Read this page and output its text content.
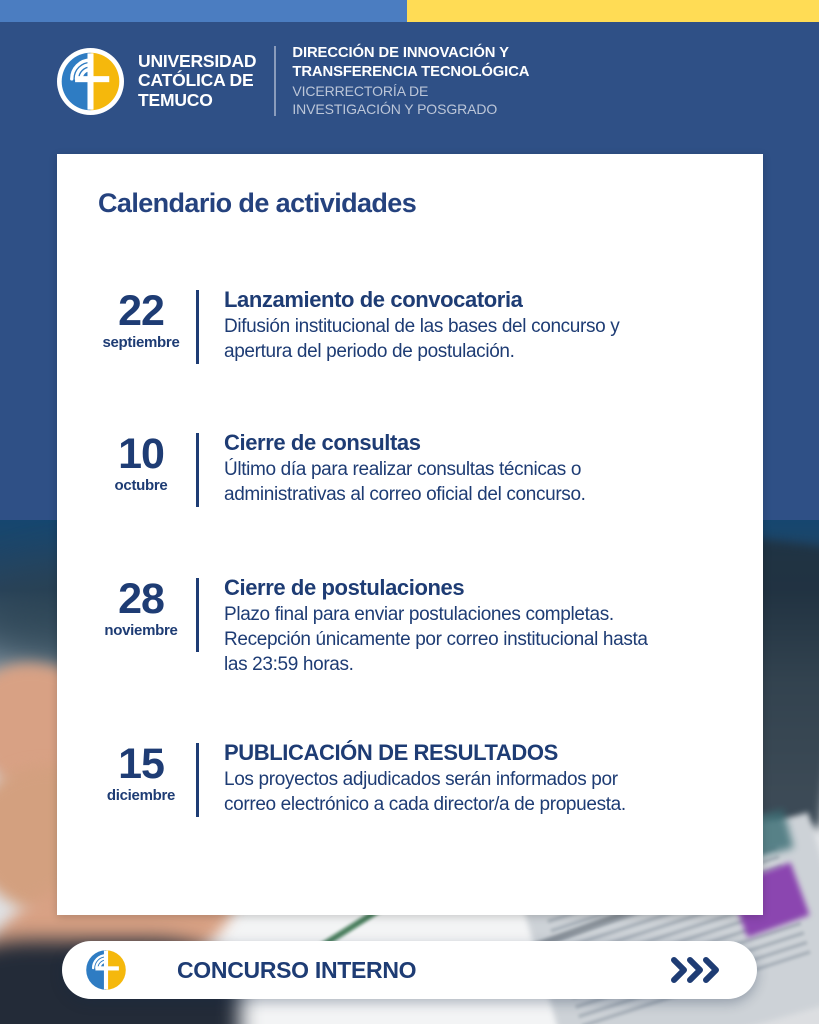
UNIVERSIDAD
CATÓLICA DE
TEMUCO
DIRECCIÓN DE INNOVACIÓN Y
TRANSFERENCIA TECNOLÓGICA
VICERRECTORÍA DE
INVESTIGACIÓN Y POSGRADO
Calendario de actividades
22
septiembre
Lanzamiento de convocatoria
Difusión institucional de las bases del concurso y apertura del periodo de postulación.
10
octubre
Cierre de consultas
Último día para realizar consultas técnicas o administrativas al correo oficial del concurso.
28
noviembre
Cierre de postulaciones
Plazo final para enviar postulaciones completas. Recepción únicamente por correo institucional hasta las 23:59 horas.
15
diciembre
PUBLICACIÓN DE RESULTADOS
Los proyectos adjudicados serán informados por correo electrónico a cada director/a de propuesta.
CONCURSO INTERNO
